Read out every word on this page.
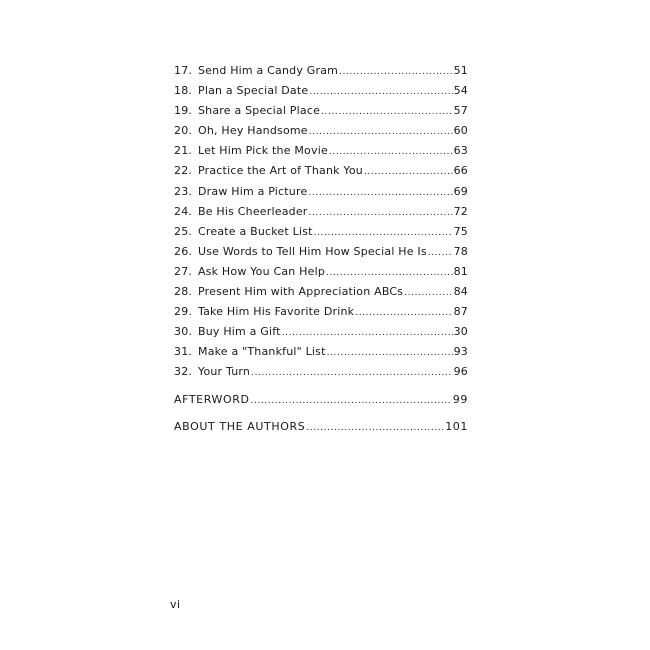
17. Send Him a Candy Gram .....	51
18. Plan a Special Date .....	54
19. Share a Special Place .....	57
20. Oh, Hey Handsome .....	60
21. Let Him Pick the Movie .....	63
22. Practice the Art of Thank You .....	66
23. Draw Him a Picture .....	69
24. Be His Cheerleader .....	72
25. Create a Bucket List .....	75
26. Use Words to Tell Him How Special He Is ..... 78
27. Ask How You Can Help .....	81
28. Present Him with Appreciation ABCs .....	84
29. Take Him His Favorite Drink .....	87
30. Buy Him a Gift .....	30
31. Make a "Thankful" List .....	93
32. Your Turn .....	96
AFTERWORD .....	99
ABOUT THE AUTHORS .....	101
vi
